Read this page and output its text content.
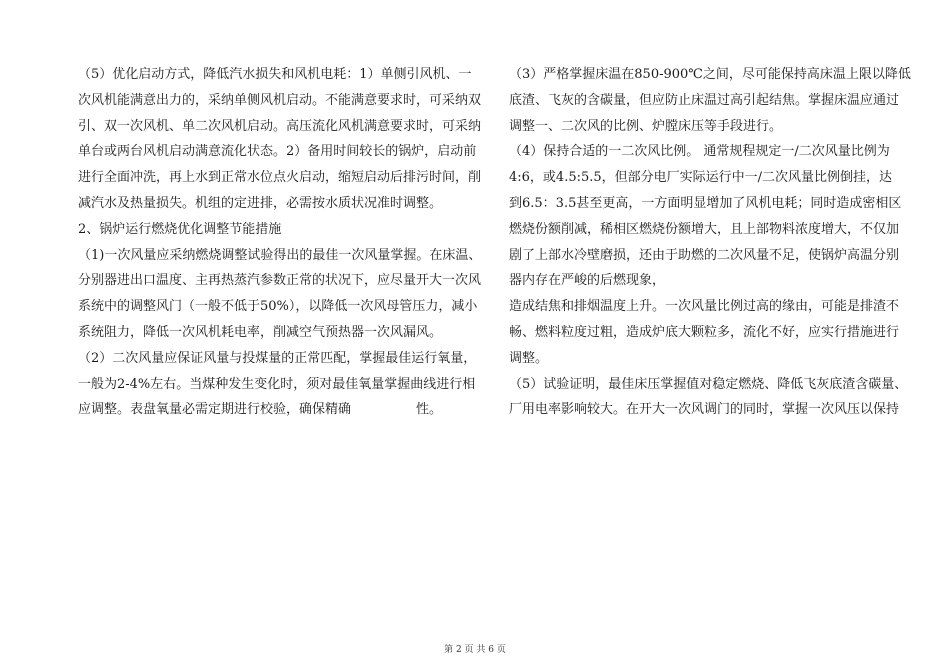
（5）优化启动方式，降低汽水损失和风机电耗：1）单侧引风机、一
次风机能满意出力的，采纳单侧风机启动。不能满意要求时，可采纳双
引、双一次风机、单二次风机启动。高压流化风机满意要求时，可采纳
单台或两台风机启动满意流化状态。2）备用时间较长的锅炉，启动前
进行全面冲洗，再上水到正常水位点火启动，缩短启动后排污时间，削
减汽水及热量损失。机组的定进排，必需按水质状况准时调整。
2、锅炉运行燃烧优化调整节能措施
（1)一次风量应采纳燃烧调整试验得出的最佳一次风量掌握。在床温、
分别器进出口温度、主再热蒸汽参数正常的状况下，应尽量开大一次风
系统中的调整风门（一般不低于50%），以降低一次风母管压力，减小
系统阻力，降低一次风机耗电率，削减空气预热器一次风漏风。
（2）二次风量应保证风量与投煤量的正常匹配，掌握最佳运行氧量，
一般为2-4%左右。当煤种发生变化时，须对最佳氧量掌握曲线进行相
应调整。表盘氧量必需定期进行校验，确保精确　　　　　性。
（3）严格掌握床温在850-900℃之间，尽可能保持高床温上限以降低
底渣、飞灰的含碳量，但应防止床温过高引起结焦。掌握床温应通过
调整一、二次风的比例、炉膛床压等手段进行。
（4）保持合适的一二次风比例。 通常规程规定一/二次风量比例为
4:6，或4.5:5.5，但部分电厂实际运行中一/二次风量比例倒挂，达
到6.5：3.5甚至更高，一方面明显增加了风机电耗；同时造成密相区
燃烧份额削减，稀相区燃烧份额增大，且上部物料浓度增大，不仅加
剧了上部水冷壁磨损，还由于助燃的二次风量不足，使锅炉高温分别
器内存在严峻的后燃现象，
造成结焦和排烟温度上升。一次风量比例过高的缘由，可能是排渣不
畅、燃料粒度过粗，造成炉底大颗粒多，流化不好，应实行措施进行
调整。
（5）试验证明，最佳床压掌握值对稳定燃烧、降低飞灰底渣含碳量、
厂用电率影响较大。在开大一次风调门的同时，掌握一次风压以保持
第 2 页 共 6 页
